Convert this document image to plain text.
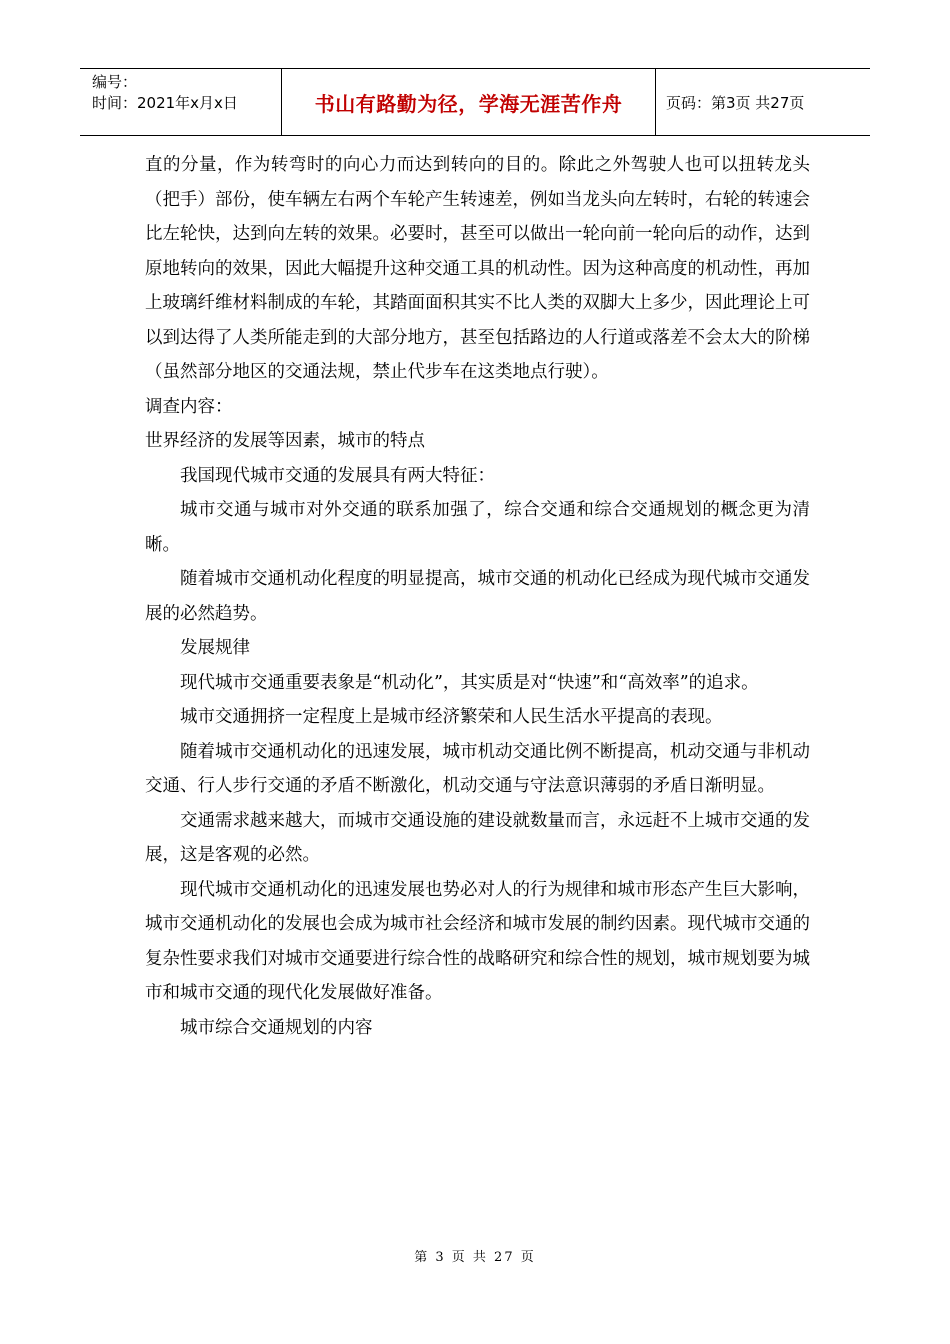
编号：
时间：2021年x月x日	书山有路勤为径，学海无涯苦作舟	页码：第3页 共27页

直的分量，作为转弯时的向心力而达到转向的目的。除此之外驾驶人也可以扭转龙头（把手）部份，使车辆左右两个车轮产生转速差，例如当龙头向左转时，右轮的转速会比左轮快，达到向左转的效果。必要时，甚至可以做出一轮向前一轮向后的动作，达到原地转向的效果，因此大幅提升这种交通工具的机动性。因为这种高度的机动性，再加上玻璃纤维材料制成的车轮，其踏面面积其实不比人类的双脚大上多少，因此理论上可以到达得了人类所能走到的大部分地方，甚至包括路边的人行道或落差不会太大的阶梯（虽然部分地区的交通法规，禁止代步车在这类地点行驶）。

调查内容：

世界经济的发展等因素，城市的特点

我国现代城市交通的发展具有两大特征：

城市交通与城市对外交通的联系加强了，综合交通和综合交通规划的概念更为清晰。

随着城市交通机动化程度的明显提高，城市交通的机动化已经成为现代城市交通发展的必然趋势。

发展规律

现代城市交通重要表象是“机动化”，其实质是对“快速”和“高效率”的追求。

城市交通拥挤一定程度上是城市经济繁荣和人民生活水平提高的表现。

随着城市交通机动化的迅速发展，城市机动交通比例不断提高，机动交通与非机动交通、行人步行交通的矛盾不断激化，机动交通与守法意识薄弱的矛盾日渐明显。

交通需求越来越大，而城市交通设施的建设就数量而言，永远赶不上城市交通的发展，这是客观的必然。

现代城市交通机动化的迅速发展也势必对人的行为规律和城市形态产生巨大影响，城市交通机动化的发展也会成为城市社会经济和城市发展的制约因素。现代城市交通的复杂性要求我们对城市交通要进行综合性的战略研究和综合性的规划，城市规划要为城市和城市交通的现代化发展做好准备。

城市综合交通规划的内容

第 3 页 共 27 页
